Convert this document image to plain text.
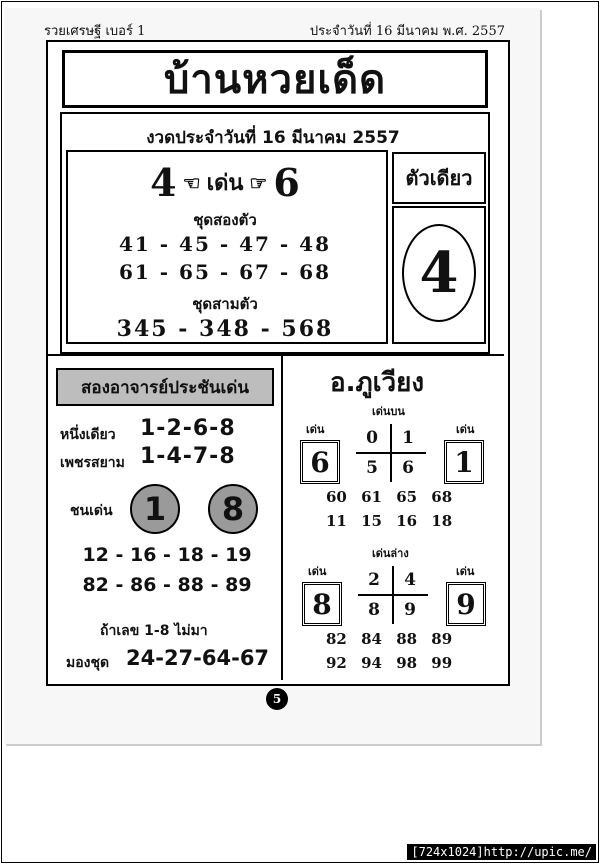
รวยเศรษฐี เบอร์ 1	ประจำวันที่ 16 มีนาคม พ.ศ. 2557
บ้านหวยเด็ด
งวดประจำวันที่ 16 มีนาคม 2557
4 ☜ เด่น ☞ 6
ชุดสองตัว
41 - 45 - 47 - 48
61 - 65 - 67 - 68
ชุดสามตัว
345 - 348 - 568
ตัวเดียว
4
สองอาจารย์ประชันเด่น
หนึ่งเดียว 1-2-6-8
เพชรสยาม 1-4-7-8
ชนเด่น 1	8
12 - 16 - 18 - 19
82 - 86 - 88 - 89
ถ้าเลข 1-8 ไม่มา
มองชุด 24-27-64-67
อ.ภูเวียง
เด่นบน
เด่น	เด่น
6	1
0	1
5	6
60 61 65 68
11 15 16 18
เด่นล่าง
เด่น	เด่น
8	9
2	4
8	9
82 84 88 89
92 94 98 99
5
[724x1024]http://upic.me/
